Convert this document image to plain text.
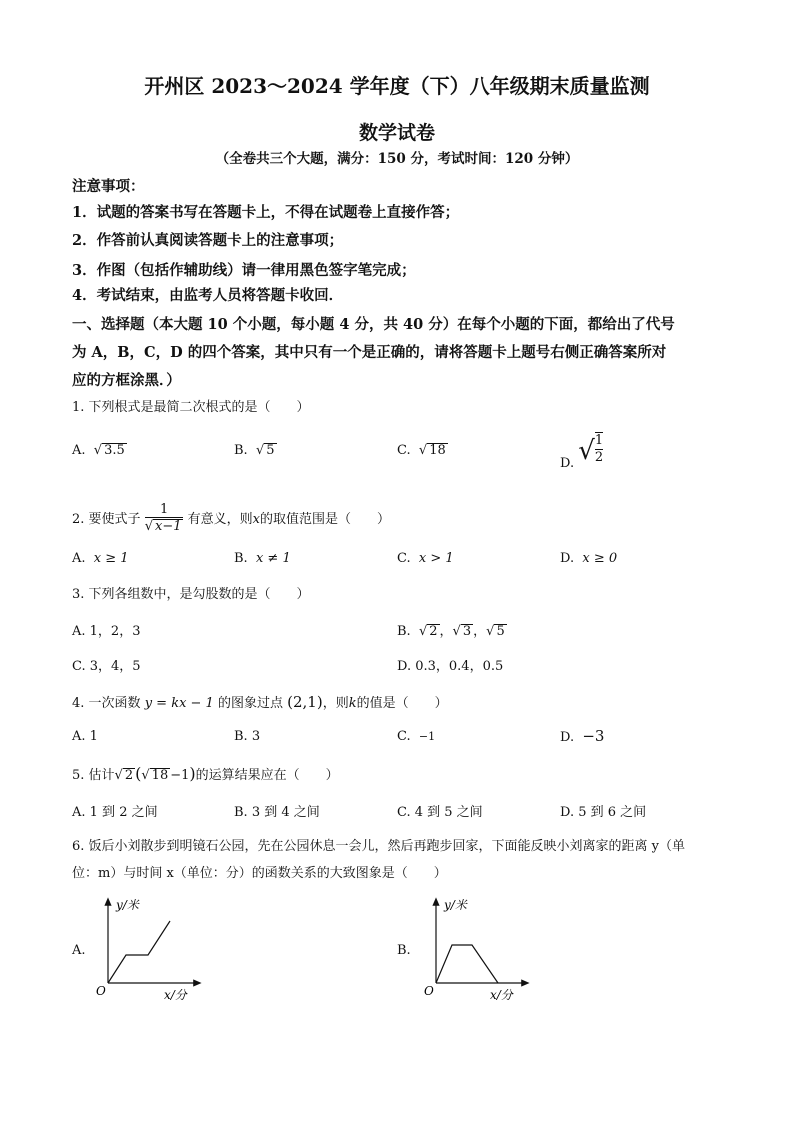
开州区 2023～2024 学年度（下）八年级期末质量监测
数学试卷
（全卷共三个大题，满分：150 分，考试时间：120 分钟）
注意事项：
1．试题的答案书写在答题卡上，不得在试题卷上直接作答；
2．作答前认真阅读答题卡上的注意事项；
3．作图（包括作辅助线）请一律用黑色签字笔完成；
4．考试结束，由监考人员将答题卡收回．
一、选择题（本大题 10 个小题，每小题 4 分，共 40 分）在每个小题的下面，都给出了代号
为 A，B，C，D 的四个答案，其中只有一个是正确的，请将答题卡上题号右侧正确答案所对
应的方框涂黑．）
1. 下列根式是最简二次根式的是（　　）
A.  √ 3.5	B.  √ 5	C.  √ 18
D. √ $\frac{1}{2}$
2. 要使式子 $\frac{1}{√ x-1}$ 有意义，则x的取值范围是（　　）
A. x ≥ 1	B. x ≠ 1	C. x > 1	D. x ≥ 0
3. 下列各组数中，是勾股数的是（　　）
A. 1，2，3	B.  √ 2 ，√ 3 ，√ 5
C. 3，4，5	D. 0.3，0.4，0.5
4. 一次函数 y = kx − 1 的图象过点 (2,1)，则k的值是（　　）
A. 1	B. 3	C. −1	D. −3
5. 估计√ 2 (√ 18 −1)的运算结果应在（　　）
A. 1 到 2 之间	B. 3 到 4 之间	C. 4 到 5 之间	D. 5 到 6 之间
6. 饭后小刘散步到明镜石公园，先在公园休息一会儿，然后再跑步回家，下面能反映小刘离家的距离 y（单
位：m）与时间 x（单位：分）的函数关系的大致图象是（　　）
A.
y/米
x/分
O
B.
y/米
x/分
O
